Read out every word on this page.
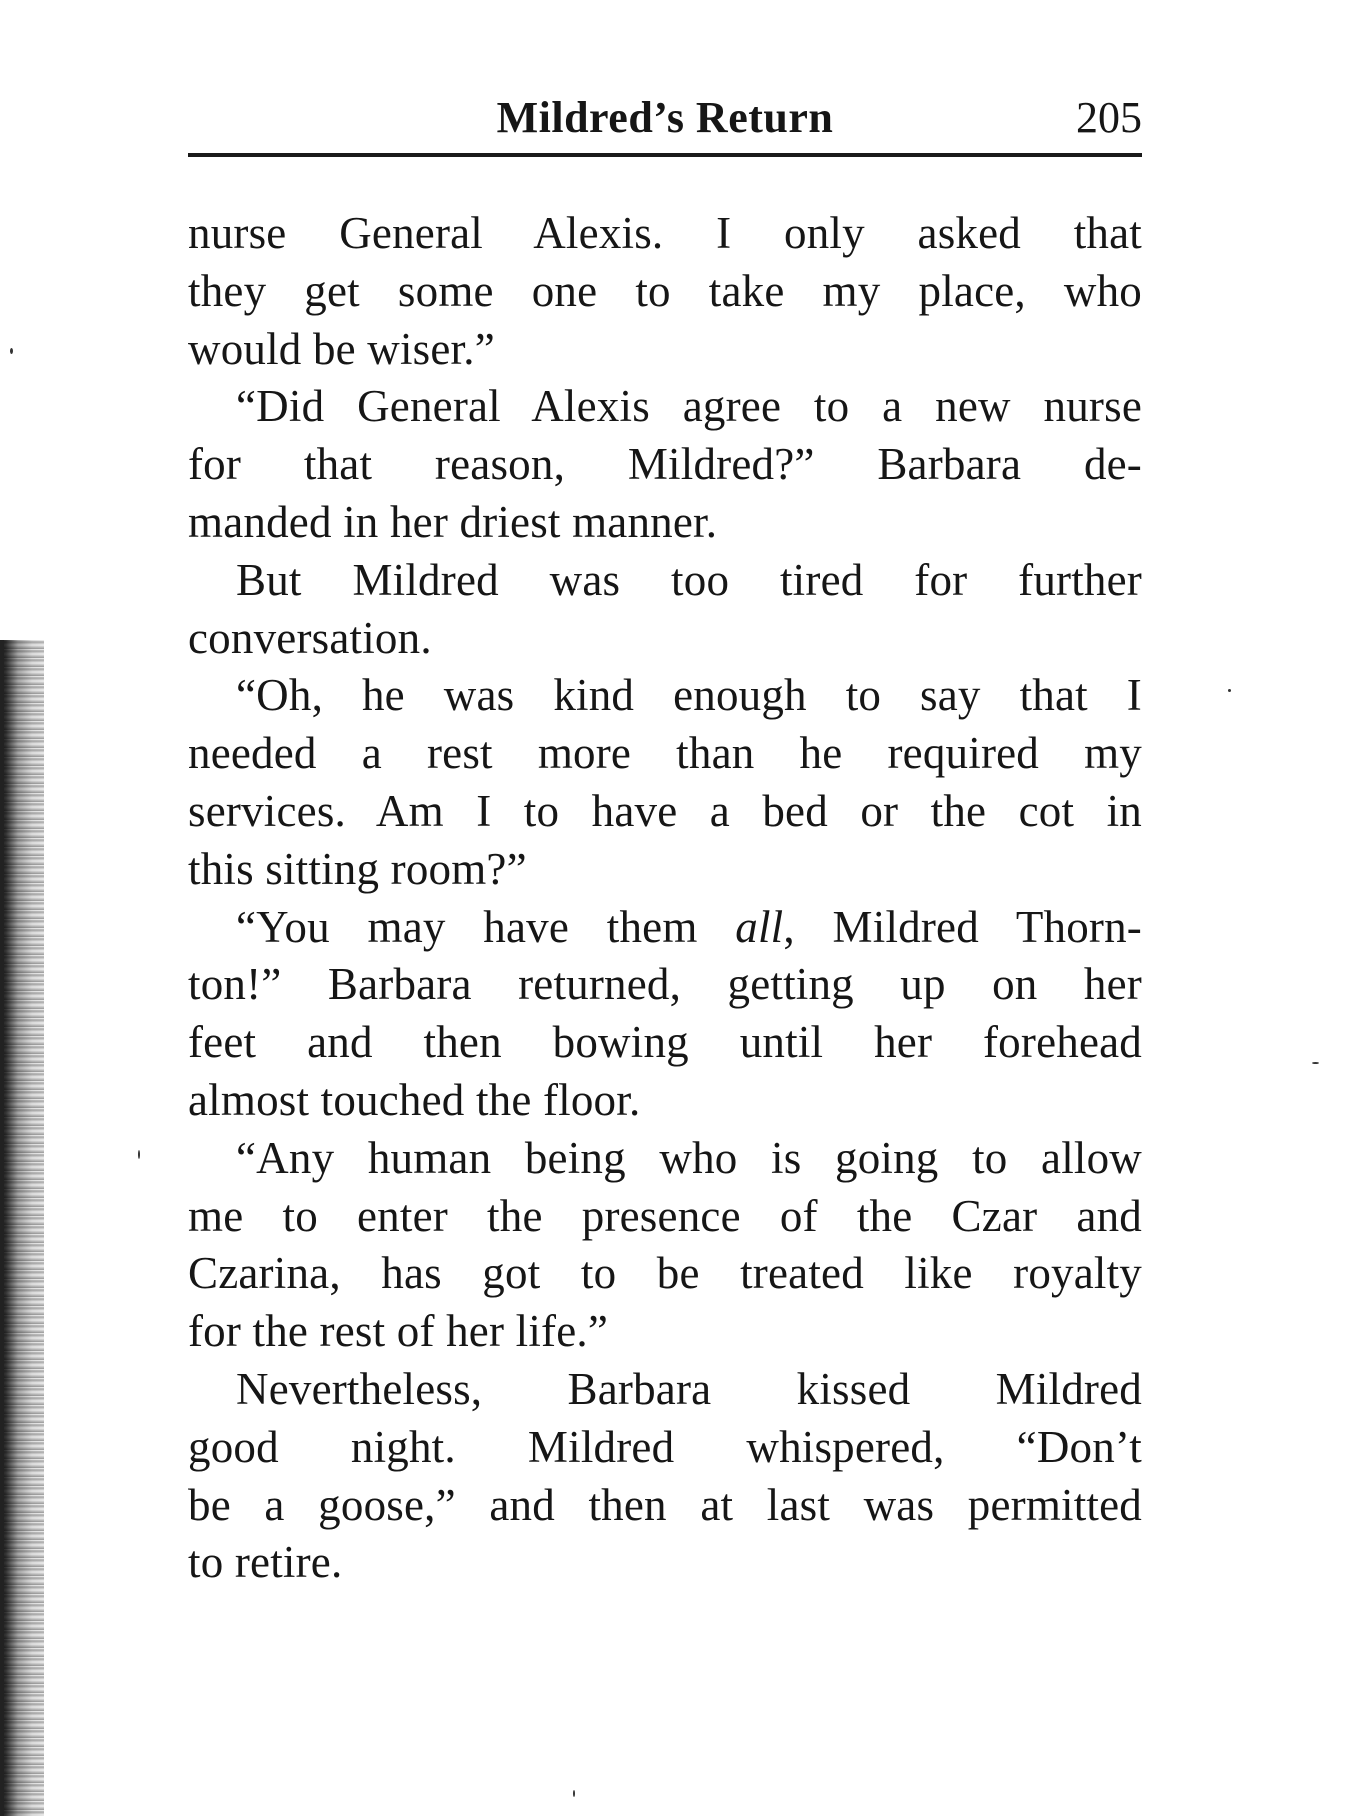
Mildred’s Return	205
nurse General Alexis. I only asked that
they get some one to take my place, who
would be wiser.”
“Did General Alexis agree to a new nurse
for that reason, Mildred?” Barbara de-
manded in her driest manner.
But Mildred was too tired for further
conversation.
“Oh, he was kind enough to say that I
needed a rest more than he required my
services. Am I to have a bed or the cot in
this sitting room?”
“You may have them all, Mildred Thorn-
ton!” Barbara returned, getting up on her
feet and then bowing until her forehead
almost touched the floor.
“Any human being who is going to allow
me to enter the presence of the Czar and
Czarina, has got to be treated like royalty
for the rest of her life.”
Nevertheless, Barbara kissed Mildred
good night. Mildred whispered, “Don’t
be a goose,” and then at last was permitted
to retire.
